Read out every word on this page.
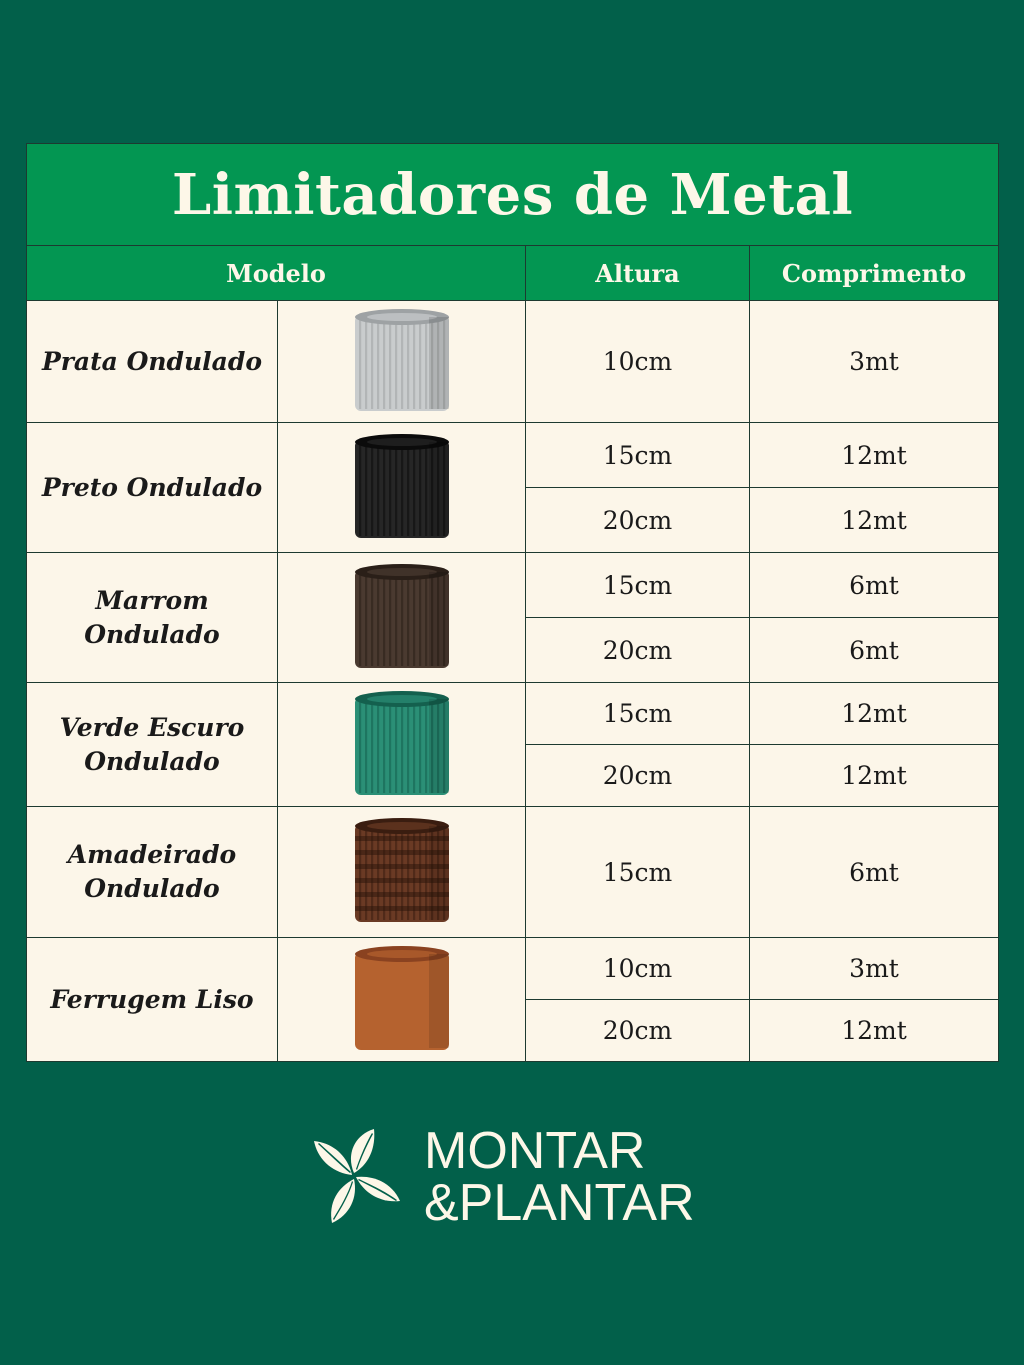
Limitadores de Metal			
Modelo		Altura	Comprimento
Prata Ondulado		10cm	3mt
Preto Ondulado		15cm	12mt
		20cm	12mt
Marrom Ondulado		15cm	6mt
		20cm	6mt
Verde Escuro Ondulado		15cm	12mt
		20cm	12mt
Amadeirado Ondulado		15cm	6mt
Ferrugem Liso		10cm	3mt
		20cm	12mt
MONTAR
&PLANTAR
